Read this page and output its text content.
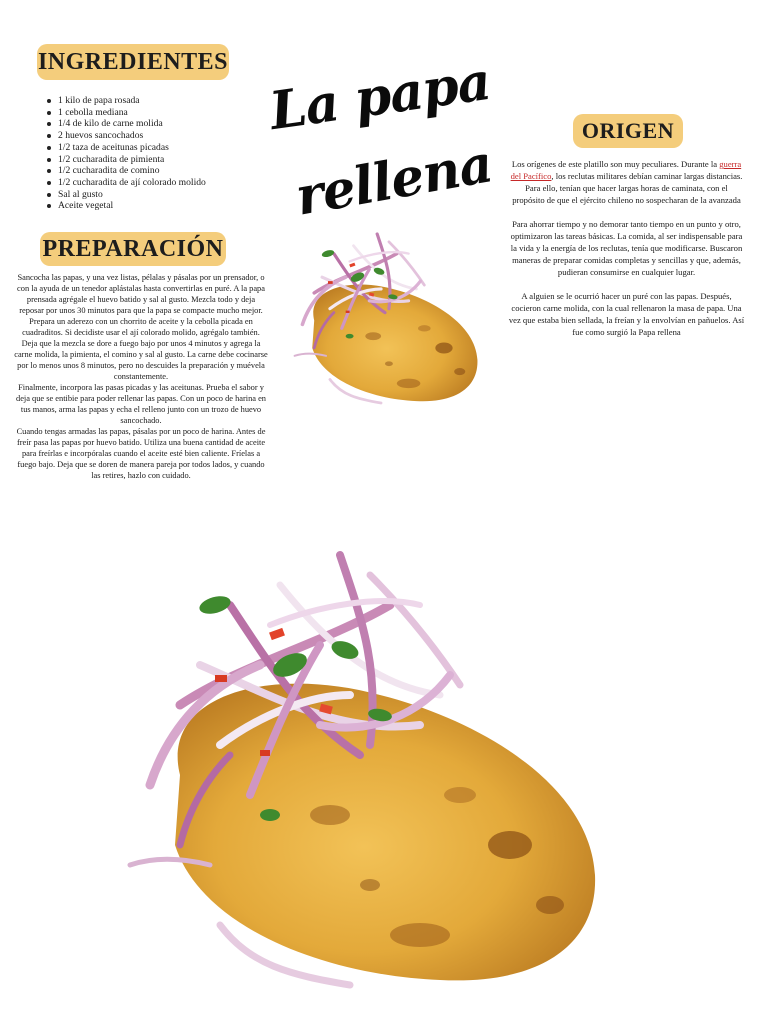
INGREDIENTES
PREPARACIÓN
ORIGEN
1 kilo de papa rosada
1 cebolla mediana
1/4 de kilo de carne molida
2 huevos sancochados
1/2 taza de aceitunas picadas
1/2 cucharadita de pimienta
1/2 cucharadita de comino
1/2 cucharadita de ají colorado molido
Sal al gusto
Aceite vegetal
La papa
rellena

Sancocha las papas, y una vez listas, pélalas y pásalas por un prensador, o con la ayuda de un tenedor aplástalas hasta convertirlas en puré. A la papa prensada agrégale el huevo batido y sal al gusto. Mezcla todo y deja reposar por unos 30 minutos para que la papa se compacte mucho mejor. Prepara un aderezo con un chorrito de aceite y la cebolla picada en cuadraditos. Si decidiste usar el ají colorado molido, agrégalo también. Deja que la mezcla se dore a fuego bajo por unos 4 minutos y agrega la carne molida, la pimienta, el comino y sal al gusto. La carne debe cocinarse por lo menos unos 8 minutos, pero no descuides la preparación y muévela constantemente.

Finalmente, incorpora las pasas picadas y las aceitunas. Prueba el sabor y deja que se entibie para poder rellenar las papas. Con un poco de harina en tus manos, arma las papas y echa el relleno junto con un trozo de huevo sancochado.

Cuando tengas armadas las papas, pásalas por un poco de harina. Antes de freír pasa las papas por huevo batido. Utiliza una buena cantidad de aceite para freírlas e incorpóralas cuando el aceite esté bien caliente. Fríelas a fuego bajo. Deja que se doren de manera pareja por todos lados, y cuando las retires, hazlo con cuidado.

Los orígenes de este platillo son muy peculiares. Durante la guerra del Pacífico, los reclutas militares debían caminar largas distancias. Para ello, tenían que hacer largas horas de caminata, con el propósito de que el ejército chileno no sospecharan de la avanzada

Para ahorrar tiempo y no demorar tanto tiempo en un punto y otro, optimizaron las tareas básicas. La comida, al ser indispensable para la vida y la energía de los reclutas, tenía que modificarse. Buscaron maneras de preparar comidas completas y sencillas y que, además, pudieran consumirse en cualquier lugar.

A alguien se le ocurrió hacer un puré con las papas. Después, cocieron carne molida, con la cual rellenaron la masa de papa. Una vez que estaba bien sellada, la freían y la envolvían en pañuelos. Así fue como surgió la Papa rellena
